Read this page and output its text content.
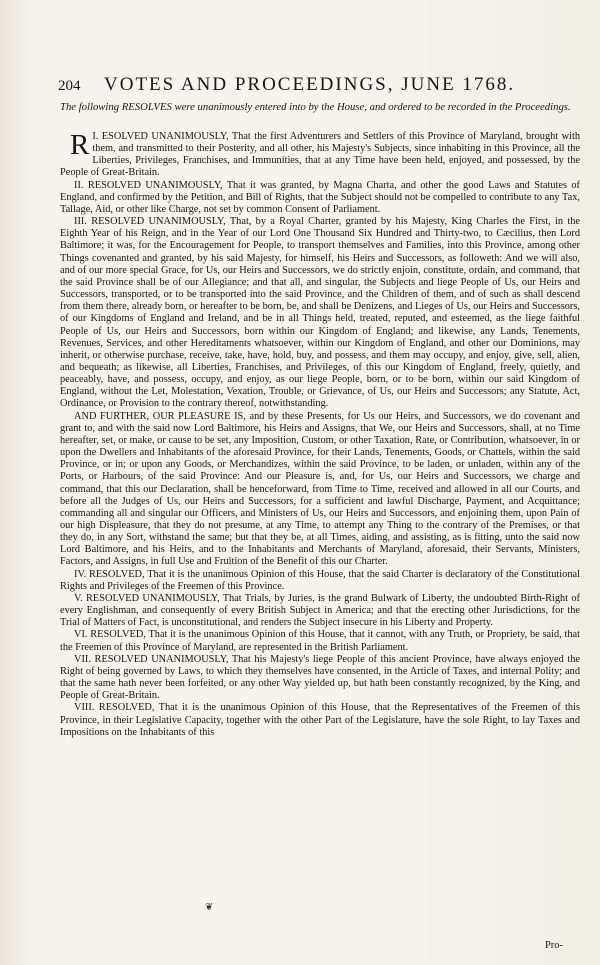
204 VOTES AND PROCEEDINGS, JUNE 1768.
The following RESOLVES were unanimously entered into by the House, and ordered to be recorded in the Proceedings.

R I. ESOLVED UNANIMOUSLY, That the first Adventurers and Settlers of this Province of Maryland, brought with them, and transmitted to their Posterity, and all other, his Majesty's Subjects, since inhabiting in this Province, all the Liberties, Privileges, Franchises, and Immunities, that at any Time have been held, enjoyed, and possessed, by the People of Great-Britain.

II. RESOLVED UNANIMOUSLY, That it was granted, by Magna Charta, and other the good Laws and Statutes of England, and confirmed by the Petition, and Bill of Rights, that the Subject should not be compelled to contribute to any Tax, Tallage, Aid, or other like Charge, not set by common Consent of Parliament.

III. RESOLVED UNANIMOUSLY, That, by a Royal Charter, granted by his Majesty, King Charles the First, in the Eighth Year of his Reign, and in the Year of our Lord One Thousand Six Hundred and Thirty-two, to Cæcilius, then Lord Baltimore; it was, for the Encouragement for People, to transport themselves and Families, into this Province, among other Things covenanted and granted, by his said Majesty, for himself, his Heirs and Successors, as followeth: And we will also, and of our more special Grace, for Us, our Heirs and Successors, we do strictly enjoin, constitute, ordain, and command, that the said Province shall be of our Allegiance; and that all, and singular, the Subjects and liege People of Us, our Heirs and Successors, transported, or to be transported into the said Province, and the Children of them, and of such as shall descend from them there, already born, or hereafter to be born, be, and shall be Denizens, and Lieges of Us, our Heirs and Successors, of our Kingdoms of England and Ireland, and be in all Things held, treated, reputed, and esteemed, as the liege faithful People of Us, our Heirs and Successors, born within our Kingdom of England; and likewise, any Lands, Tenements, Revenues, Services, and other Hereditaments whatsoever, within our Kingdom of England, and other our Dominions, may inherit, or otherwise purchase, receive, take, have, hold, buy, and possess, and them may occupy, and enjoy, give, sell, alien, and bequeath; as likewise, all Liberties, Franchises, and Privileges, of this our Kingdom of England, freely, quietly, and peaceably, have, and possess, occupy, and enjoy, as our liege People, born, or to be born, within our said Kingdom of England, without the Let, Molestation, Vexation, Trouble, or Grievance, of Us, our Heirs and Successors; any Statute, Act, Ordinance, or Provision to the contrary thereof, notwithstanding.

AND FURTHER, OUR PLEASURE IS, and by these Presents, for Us our Heirs, and Successors, we do covenant and grant to, and with the said now Lord Baltimore, his Heirs and Assigns, that We, our Heirs and Successors, shall, at no Time hereafter, set, or make, or cause to be set, any Imposition, Custom, or other Taxation, Rate, or Contribution, whatsoever, in or upon the Dwellers and Inhabitants of the aforesaid Province, for their Lands, Tenements, Goods, or Chattels, within the said Province, or in; or upon any Goods, or Merchandizes, within the said Province, to be laden, or unladen, within any of the Ports, or Harbours, of the said Province: And our Pleasure is, and, for Us, our Heirs and Successors, we charge and command, that this our Declaration, shall be henceforward, from Time to Time, received and allowed in all our Courts, and before all the Judges of Us, our Heirs and Successors, for a sufficient and lawful Discharge, Payment, and Acquittance; commanding all and singular our Officers, and Ministers of Us, our Heirs and Successors, and enjoining them, upon Pain of our high Displeasure, that they do not presume, at any Time, to attempt any Thing to the contrary of the Premises, or that they do, in any Sort, withstand the same; but that they be, at all Times, aiding, and assisting, as is fitting, unto the said now Lord Baltimore, and his Heirs, and to the Inhabitants and Merchants of Maryland, aforesaid, their Servants, Ministers, Factors, and Assigns, in full Use and Fruition of the Benefit of this our Charter.

IV. RESOLVED, That it is the unanimous Opinion of this House, that the said Charter is declaratory of the Constitutional Rights and Privileges of the Freemen of this Province.

V. RESOLVED UNANIMOUSLY, That Trials, by Juries, is the grand Bulwark of Liberty, the undoubted Birth-Right of every Englishman, and consequently of every British Subject in America; and that the erecting other Jurisdictions, for the Trial of Matters of Fact, is unconstitutional, and renders the Subject insecure in his Liberty and Property.

VI. RESOLVED, That it is the unanimous Opinion of this House, that it cannot, with any Truth, or Propriety, be said, that the Freemen of this Province of Maryland, are represented in the British Parliament.

VII. RESOLVED UNANIMOUSLY, That his Majesty's liege People of this ancient Province, have always enjoyed the Right of being governed by Laws, to which they themselves have consented, in the Article of Taxes, and internal Polity; and that the same hath never been forfeited, or any other Way yielded up, but hath been constantly recognized, by the King, and People of Great-Britain.

VIII. RESOLVED, That it is the unanimous Opinion of this House, that the Representatives of the Freemen of this Province, in their Legislative Capacity, together with the other Part of the Legislature, have the sole Right, to lay Taxes and Impositions on the Inhabitants of this

❦
Pro-
